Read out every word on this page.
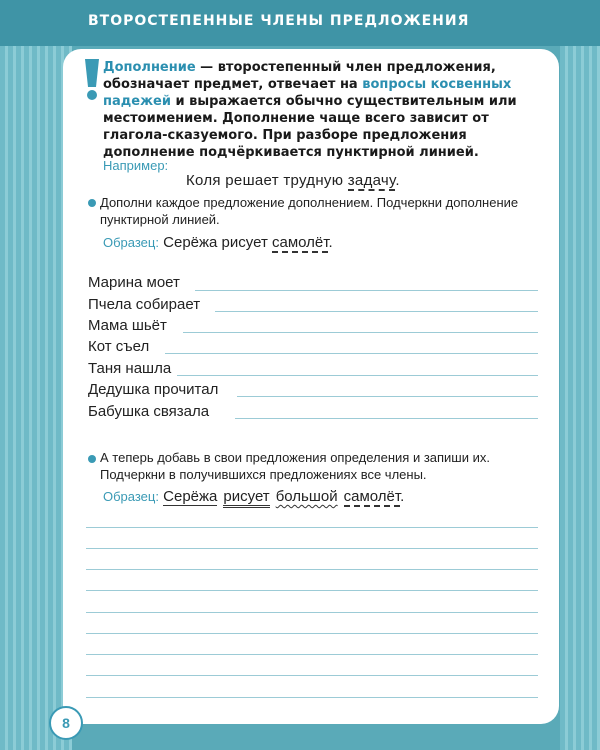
ВТОРОСТЕПЕННЫЕ ЧЛЕНЫ ПРЕДЛОЖЕНИЯ
Дополнение — второстепенный член предложения, обозначает предмет, отвечает на вопросы косвенных падежей и выражается обычно существительным или местоимением. Дополнение чаще всего зависит от глагола-сказуемого. При разборе предложения дополнение подчёркивается пунктирной линией.
Например:
Коля решает трудную задачу.
Дополни каждое предложение дополнением. Подчеркни дополнение пунктирной линией.
Образец: Серёжа рисует самолёт.
Марина моет
Пчела собирает
Мама шьёт
Кот съел
Таня нашла
Дедушка прочитал
Бабушка связала
А теперь добавь в свои предложения определения и запиши их. Подчеркни в получившихся предложениях все члены.
Образец: Серёжа рисует большой самолёт.
8
